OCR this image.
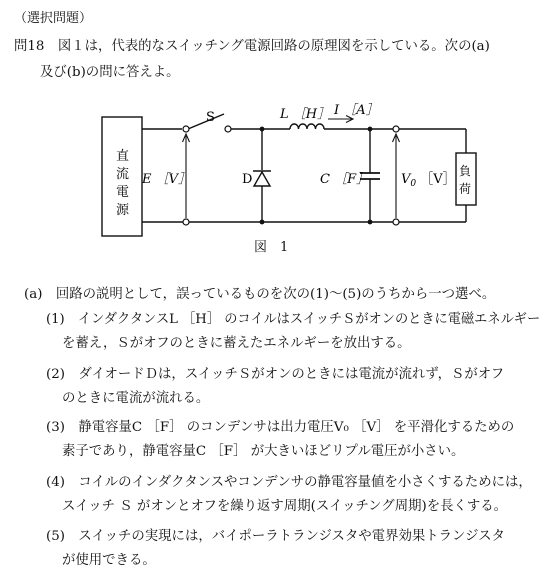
（選択問題）
問18　図１は，代表的なスイッチング電源回路の原理図を示している。次の(a)
及び(b)の問に答えよ。
直
流
電
源
負
荷
E ［V］
S	L ［H］ I ［A］
D	C ［F］ $V_0$ ［V］
図　1
(a)　回路の説明として，誤っているものを次の(1)～(5)のうちから一つ選べ。
(1)　インダクタンスL ［H］ のコイルはスイッチＳがオンのときに電磁エネルギー
を蓄え，Ｓがオフのときに蓄えたエネルギーを放出する。
(2)　ダイオードＤは，スイッチＳがオンのときには電流が流れず，Ｓがオフ
のときに電流が流れる。
(3)　静電容量C ［F］ のコンデンサは出力電圧V₀ ［V］ を平滑化するための
素子であり，静電容量C ［F］ が大きいほどリプル電圧が小さい。
(4)　コイルのインダクタンスやコンデンサの静電容量値を小さくするためには，
スイッチ Ｓ がオンとオフを繰り返す周期(スイッチング周期)を長くする。
(5)　スイッチの実現には，バイポーラトランジスタや電界効果トランジスタ
が使用できる。
